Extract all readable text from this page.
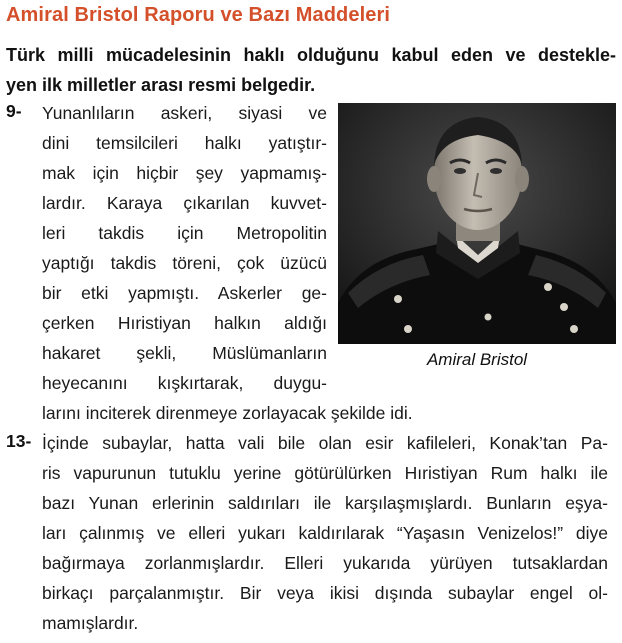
Amiral Bristol Raporu ve Bazı Maddeleri
Türk milli mücadelesinin haklı olduğunu kabul eden ve destekle-
yen ilk milletler arası resmi belgedir.
9- Yunanlıların askeri, siyasi ve
dini temsilcileri halkı yatıştır-
mak için hiçbir şey yapmamış-
lardır. Karaya çıkarılan kuvvet-
leri takdis için Metropolitin
yaptığı takdis töreni, çok üzücü
bir etki yapmıştı. Askerler ge-
çerken Hıristiyan halkın aldığı
hakaret şekli, Müslümanların
heyecanını kışkırtarak, duygu-
larını inciterek direnmeye zorlayacak şekilde idi.
Amiral Bristol
13- İçinde subaylar, hatta vali bile olan esir kafileleri, Konak’tan Pa-
ris vapurunun tutuklu yerine götürülürken Hıristiyan Rum halkı ile
bazı Yunan erlerinin saldırıları ile karşılaşmışlardı. Bunların eşya-
ları çalınmış ve elleri yukarı kaldırılarak “Yaşasın Venizelos!” diye
bağırmaya zorlanmışlardır. Elleri yukarıda yürüyen tutsaklardan
birkaçı parçalanmıştır. Bir veya ikisi dışında subaylar engel ol-
mamışlardır.
